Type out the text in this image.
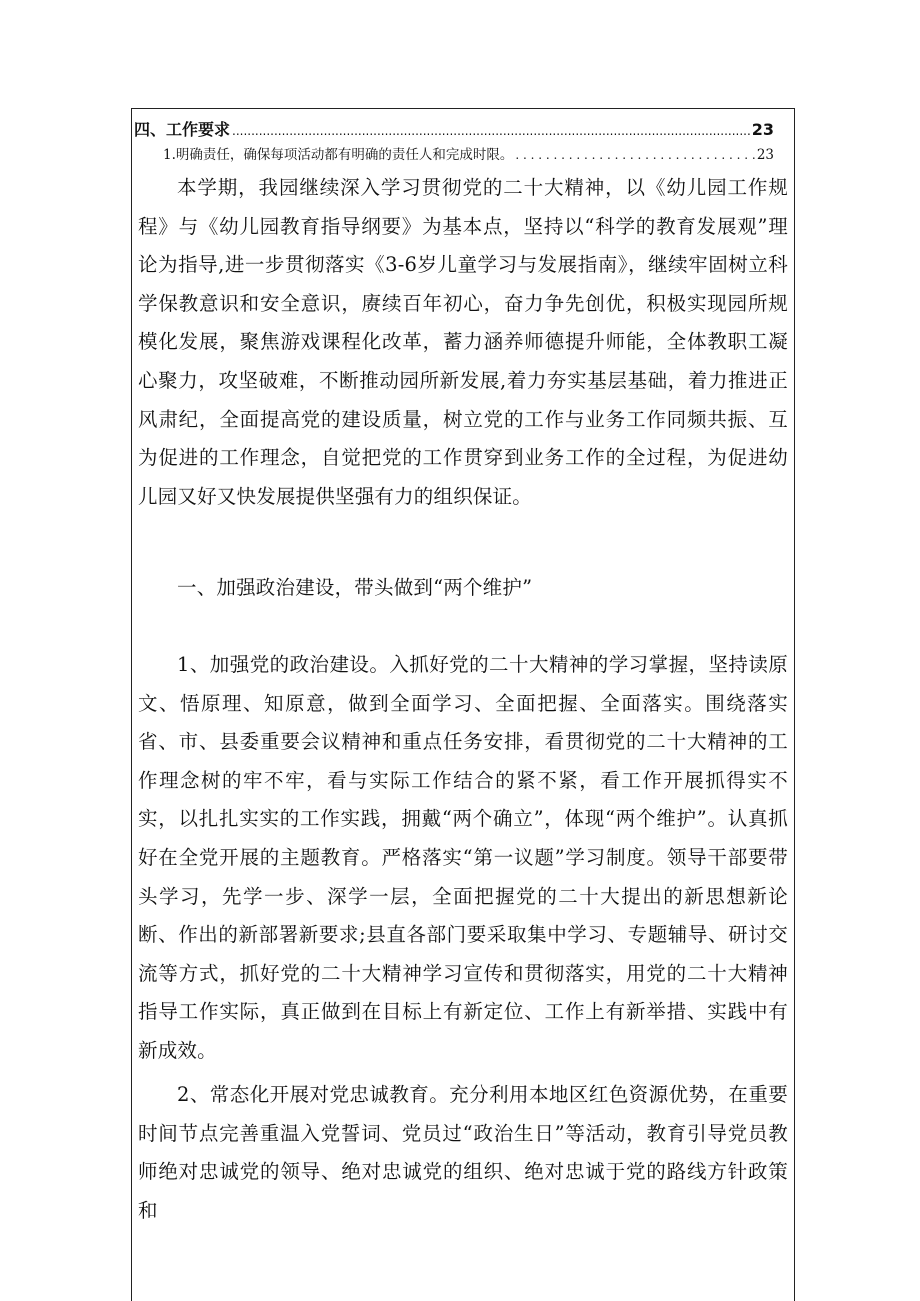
四、工作要求 .....	23
1.明确责任，确保每项活动都有明确的责任人和完成时限。 . . .	23

本学期，我园继续深入学习贯彻党的二十大精神，以《幼儿园工作规程》与《幼儿园教育指导纲要》为基本点，坚持以“科学的教育发展观”理论为指导,进一步贯彻落实《3-6岁儿童学习与发展指南》，继续牢固树立科学保教意识和安全意识，赓续百年初心，奋力争先创优，积极实现园所规模化发展，聚焦游戏课程化改革，蓄力涵养师德提升师能，全体教职工凝心聚力，攻坚破难，不断推动园所新发展,着力夯实基层基础，着力推进正风肃纪，全面提高党的建设质量，树立党的工作与业务工作同频共振、互为促进的工作理念，自觉把党的工作贯穿到业务工作的全过程，为促进幼儿园又好又快发展提供坚强有力的组织保证。

一、加强政治建设，带头做到“两个维护”

1、加强党的政治建设。入抓好党的二十大精神的学习掌握，坚持读原文、悟原理、知原意，做到全面学习、全面把握、全面落实。围绕落实省、市、县委重要会议精神和重点任务安排，看贯彻党的二十大精神的工作理念树的牢不牢，看与实际工作结合的紧不紧，看工作开展抓得实不实，以扎扎实实的工作实践，拥戴“两个确立”，体现“两个维护”。认真抓好在全党开展的主题教育。严格落实“第一议题”学习制度。领导干部要带头学习，先学一步、深学一层，全面把握党的二十大提出的新思想新论断、作出的新部署新要求;县直各部门要采取集中学习、专题辅导、研讨交流等方式，抓好党的二十大精神学习宣传和贯彻落实，用党的二十大精神指导工作实际，真正做到在目标上有新定位、工作上有新举措、实践中有新成效。

2、常态化开展对党忠诚教育。充分利用本地区红色资源优势，在重要时间节点完善重温入党誓词、党员过“政治生日”等活动，教育引导党员教师绝对忠诚党的领导、绝对忠诚党的组织、绝对忠诚于党的路线方针政策和
